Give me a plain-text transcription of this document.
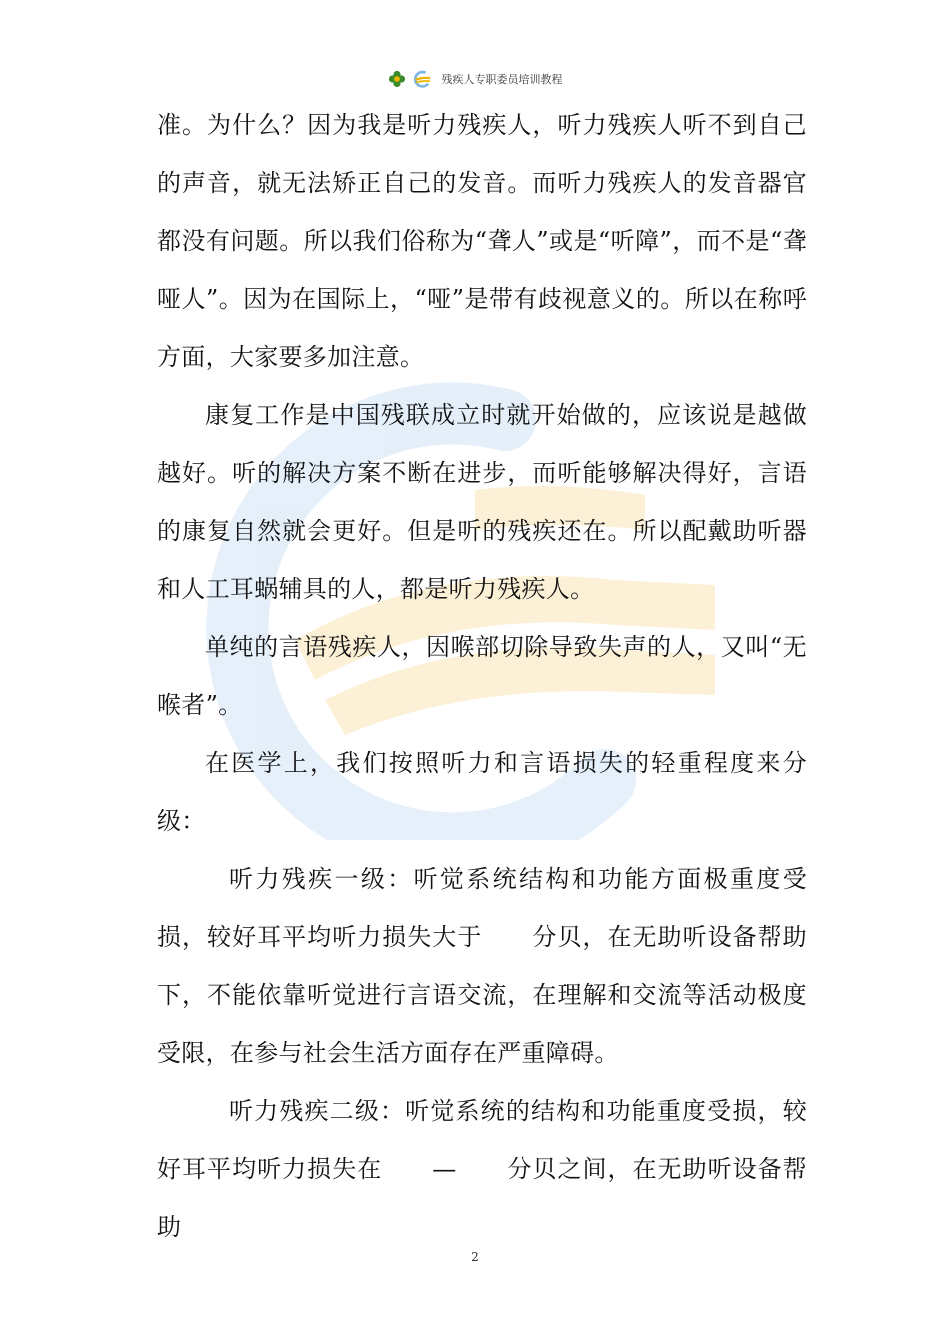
残疾人专职委员培训教程

准。为什么？因为我是听力残疾人，听力残疾人听不到自己的声音，就无法矫正自己的发音。而听力残疾人的发音器官都没有问题。所以我们俗称为“聋人”或是“听障”，而不是“聋哑人”。因为在国际上，“哑”是带有歧视意义的。所以在称呼方面，大家要多加注意。

康复工作是中国残联成立时就开始做的，应该说是越做越好。听的解决方案不断在进步，而听能够解决得好，言语的康复自然就会更好。但是听的残疾还在。所以配戴助听器和人工耳蜗辅具的人，都是听力残疾人。

单纯的言语残疾人，因喉部切除导致失声的人，又叫“无喉者”。

在医学上，我们按照听力和言语损失的轻重程度来分级：

听力残疾一级：听觉系统结构和功能方面极重度受损，较好耳平均听力损失大于　　分贝，在无助听设备帮助下，不能依靠听觉进行言语交流，在理解和交流等活动极度受限，在参与社会生活方面存在严重障碍。

听力残疾二级：听觉系统的结构和功能重度受损，较好耳平均听力损失在　　—　　分贝之间，在无助听设备帮助

2
